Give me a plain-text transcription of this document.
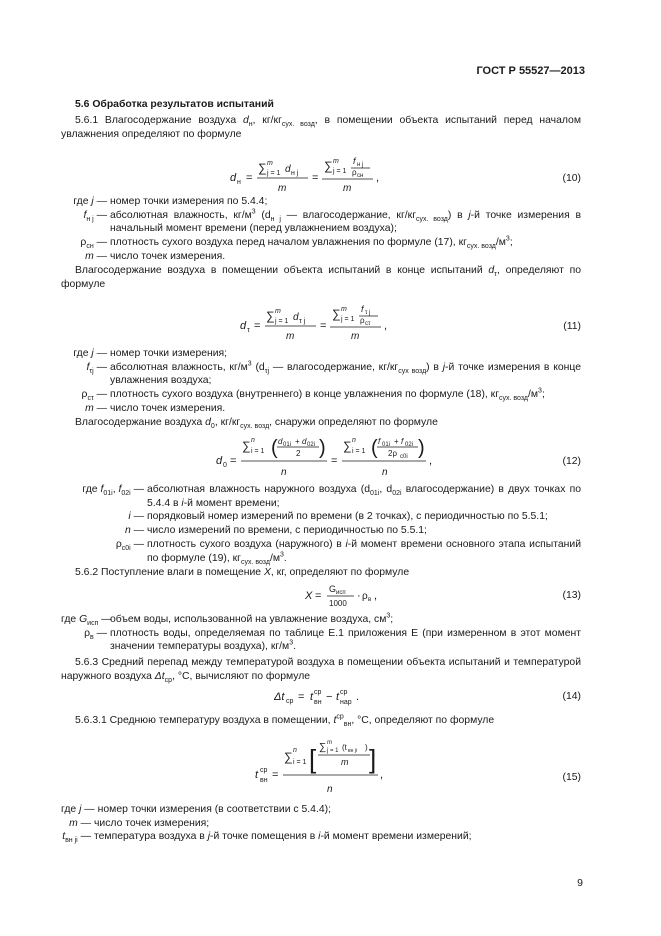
ГОСТ Р 55527—2013
5.6 Обработка результатов испытаний
5.6.1 Влагосодержание воздуха $d_н$, $кг/кг_{сух. возд}$, в помещении объекта испытаний перед началом увлажнения определяют по формуле
d н =
∑ m
j = 1 d н j
m
=
∑ m
j = 1
f н j
ρ сн
m
,	(10)
где j — номер точки измерения по 5.4.4;
$f_{н j}$ — абсолютная влажность, $кг/м^3$ ($d_{н j}$ — влагосодержание, $кг/кг_{сух. возд}$) в j-й точке измерения в начальный момент времени (перед увлажнением воздуха);
$\rho_{сн}$ — плотность сухого воздуха перед началом увлажнения по формуле (17), $кг_{сух. возд}/м^3$;
m — число точек измерения.
Влагосодержание воздуха в помещении объекта испытаний в конце испытаний $d_\tau$, определяют по формуле
d τ =
∑ m
j = 1 d τ j
m
=
∑ m
j = 1
f τ j
ρ cτ
m
,	(11)
где j — номер точки измерения;
$f_{\tau j}$ — абсолютная влажность, $кг/м^3$ ($d_{\tau j}$ — влагосодержание, $кг/кг_{сух возд}$) в j-й точке измерения в конце увлажнения воздуха;
$\rho_{c\tau}$ — плотность сухого воздуха (внутреннего) в конце увлажнения по формуле (18), $кг_{сух. возд}/м^3$;
m — число точек измерения.
Влагосодержание воздуха $d_0$, $кг/кг_{сух. возд}$, снаружи определяют по формуле
d 0 =
∑ n
i = 1 ( d 01i + d 02i
2 )
n
=
∑ n
i = 1 ( f 01i + f 02i
2ρ c0i )
n
,	(12)
где $f_{01i}$, $f_{02i}$ — абсолютная влажность наружного воздуха ($d_{01i}$, $d_{02i}$ влагосодержание) в двух точках по 5.4.4 в i-й момент времени;
i — порядковый номер измерений по времени (в 2 точках), с периодичностью по 5.5.1;
n — число измерений по времени, с периодичностью по 5.5.1;
$\rho_{c0i}$ — плотность сухого воздуха (наружного) в i-й момент времени основного этапа испытаний по формуле (19), $кг_{сух. возд}/м^3$.
5.6.2 Поступление влаги в помещение X, кг, определяют по формуле
X =
G исп
1000
· ρ в ,	(13)
где $G_{исп}$ —
объем воды, использованной на увлажнение воздуха, $см^3$;
$\rho_в$ — плотность воды, определяемая по таблице Е.1 приложения Е (при измеренном в этот момент значении температуры воздуха), $кг/м^3$.
5.6.3 Средний перепад между температурой воздуха в помещении объекта испытаний и температурой наружного воздуха $\Delta t_{ср}$, °С, вычисляют по формуле
Δt ср = t ср
вн − t ср
нар .	(14)
5.6.3.1 Среднюю температуру воздуха в помещении, $t^{ср}_{вн}$, °С, определяют по формуле
t ср
вн =
∑ n
i = 1 [ ∑ m
j = 1 (t вн ji )
m ]
n
,	(15)
где j — номер точки измерения (в соответствии с 5.4.4);
m — число точек измерения;
$t_{вн ji}$ — температура воздуха в j-й точке помещения в i-й момент времени измерений;
9
